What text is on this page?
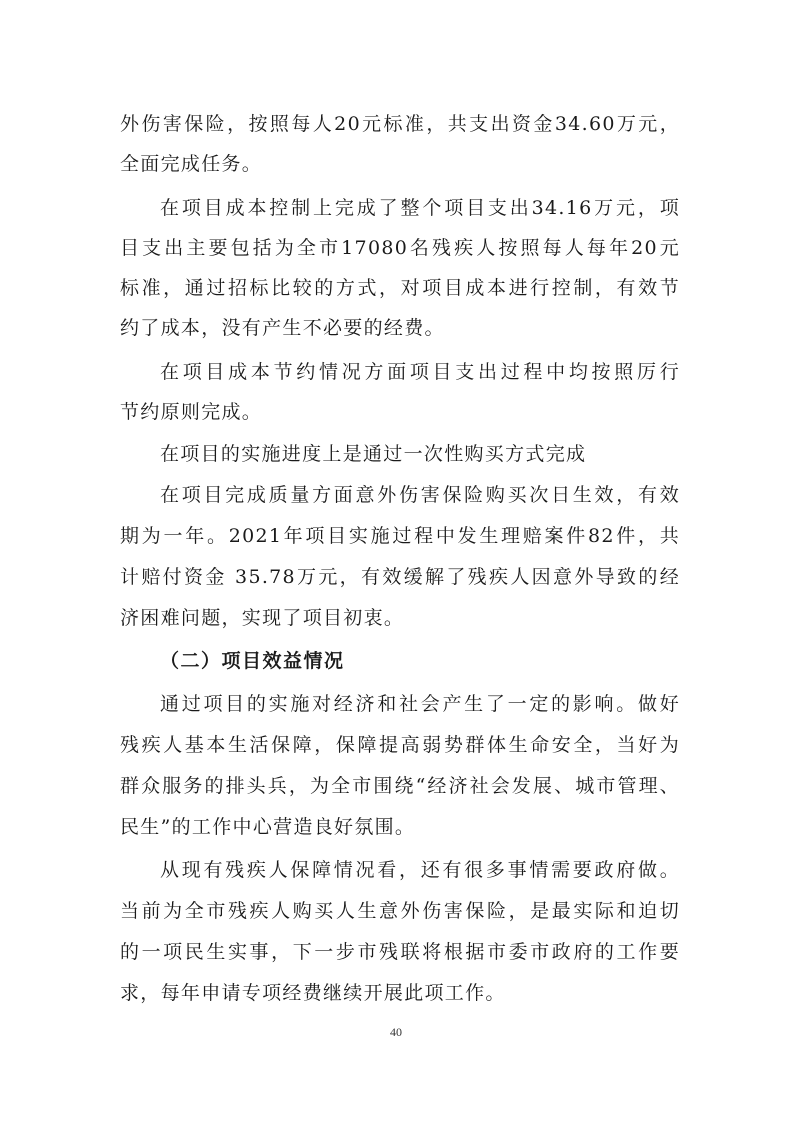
外伤害保险，按照每人20元标准，共支出资金34.60万元，
全面完成任务。
在项目成本控制上完成了整个项目支出34.16万元，项
目支出主要包括为全市17080名残疾人按照每人每年20元
标准，通过招标比较的方式，对项目成本进行控制，有效节
约了成本，没有产生不必要的经费。
在项目成本节约情况方面项目支出过程中均按照厉行
节约原则完成。
在项目的实施进度上是通过一次性购买方式完成
在项目完成质量方面意外伤害保险购买次日生效，有效
期为一年。2021年项目实施过程中发生理赔案件82件，共
计赔付资金 35.78万元，有效缓解了残疾人因意外导致的经
济困难问题，实现了项目初衷。
（二）项目效益情况
通过项目的实施对经济和社会产生了一定的影响。做好
残疾人基本生活保障，保障提高弱势群体生命安全，当好为
群众服务的排头兵，为全市围绕“经济社会发展、城市管理、
民生”的工作中心营造良好氛围。
从现有残疾人保障情况看，还有很多事情需要政府做。
当前为全市残疾人购买人生意外伤害保险，是最实际和迫切
的一项民生实事，下一步市残联将根据市委市政府的工作要
求，每年申请专项经费继续开展此项工作。
40
